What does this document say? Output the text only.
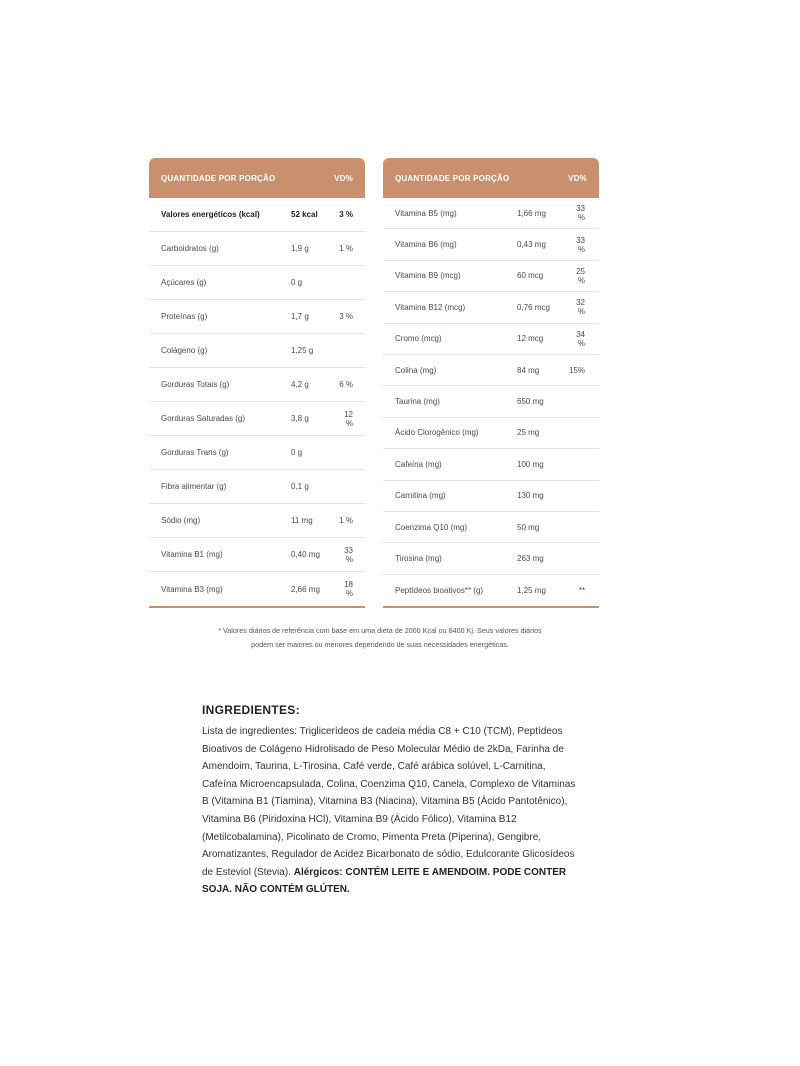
QUANTIDADE POR PORÇÃO	VD%
Valores energéticos (kcal)	52 kcal	3 %
Carboidratos (g)	1,9 g	1 %
Açúcares (g)	0 g
Proteínas (g)	1,7 g	3 %
Colágeno (g)	1,25 g
Gorduras Totais (g)	4,2 g	6 %
Gorduras Saturadas (g)	3,8 g	12 %
Gorduras Trans (g)	0 g
Fibra alimentar (g)	0,1 g
Sódio (mg)	11 mg	1 %
Vitamina B1 (mg)	0,40 mg	33 %
Vitamina B3 (mg)	2,66 mg	18 %
QUANTIDADE POR PORÇÃO	VD%
Vitamina B5 (mg)	1,66 mg	33 %
Vitamina B6 (mg)	0,43 mg	33 %
Vitamina B9 (mcg)	60 mcg	25 %
Vitamina B12 (mcg)	0,76 mcg	32 %
Cromo (mcg)	12 mcg	34 %
Colina (mg)	84 mg	15%
Taurina (mg)	650 mg
Ácido Clorogênico (mg)	25 mg
Cafeína (mg)	100 mg
Carnitina (mg)	130 mg
Coenzima Q10 (mg)	50 mg
Tirosina (mg)	263 mg
Peptídeos bioativos** (g)	1,25 mg	**
* Valores diários de referência com base em uma dieta de 2000 Kcal ou 8400 Kj. Seus valores diários
podem ser maiores ou menores dependendo de suas necessidades energéticas.
INGREDIENTES:
Lista de ingredientes: Triglicerídeos de cadeia média C8 + C10 (TCM), Peptídeos Bioativos de Colágeno Hidrolisado de Peso Molecular Médio de 2kDa, Farinha de Amendoim, Taurina, L-Tirosina, Café verde, Café arábica solúvel, L-Carnitina, Cafeína Microencapsulada, Colina, Coenzima Q10, Canela, Complexo de Vitaminas B (Vitamina B1 (Tiamina), Vitamina B3 (Niacina), Vitamina B5 (Ácido Pantotênico), Vitamina B6 (Piridoxina HCl), Vitamina B9 (Ácido Fólico), Vitamina B12 (Metilcobalamina), Picolinato de Cromo, Pimenta Preta (Piperina), Gengibre, Aromatizantes, Regulador de Acidez Bicarbonato de sódio, Edulcorante Glicosídeos de Esteviol (Stevia). Alérgicos: CONTÉM LEITE E AMENDOIM. PODE CONTER SOJA. NÃO CONTÉM GLÚTEN.
